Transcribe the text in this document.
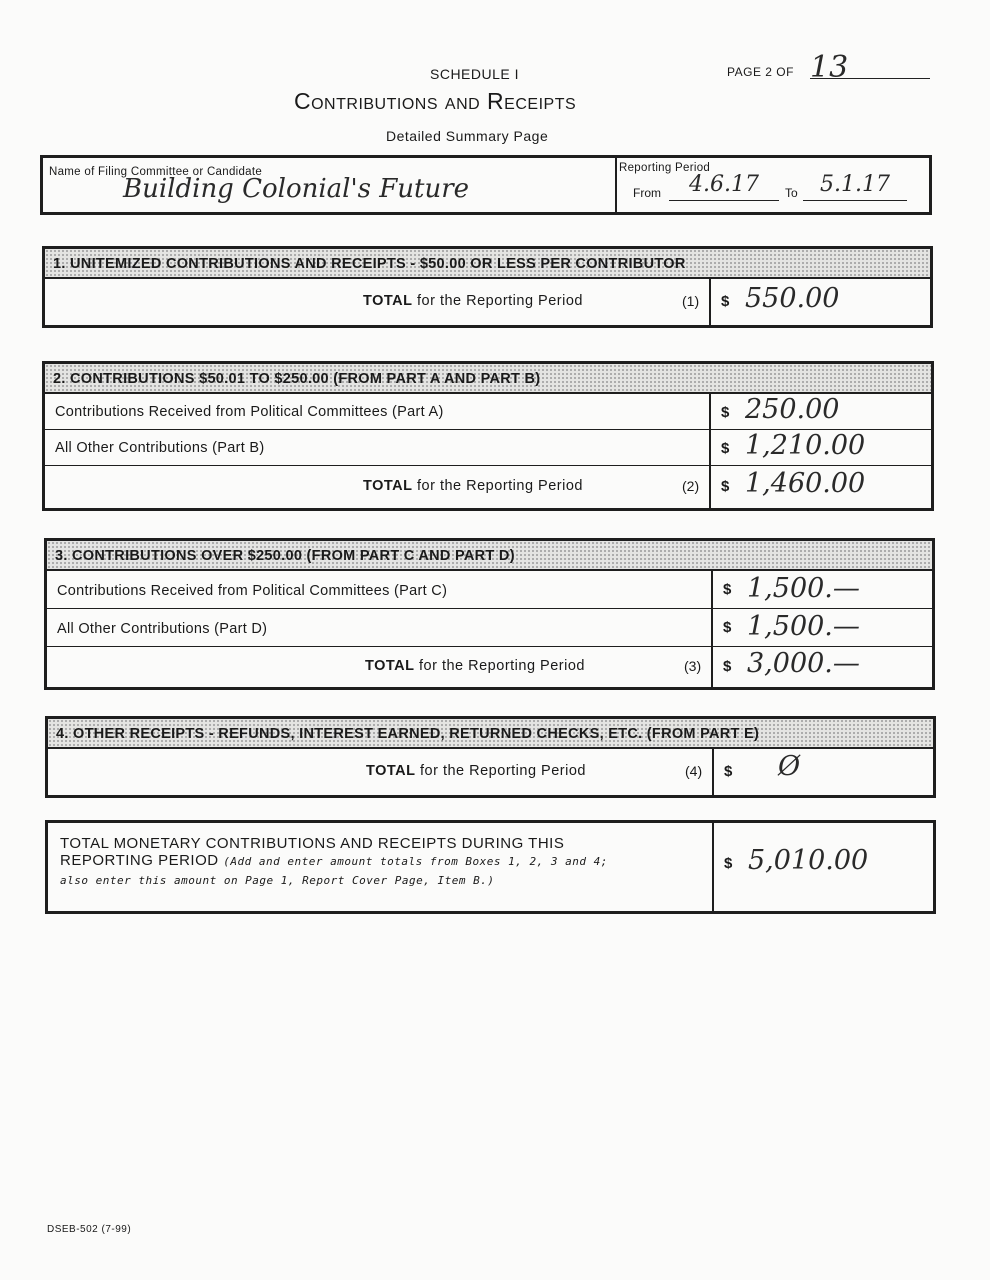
SCHEDULE I	PAGE 2 OF 13
Contributions and Receipts
Detailed Summary Page
Name of Filing Committee or Candidate
Building Colonial's Future
Reporting Period
From	4.6.17	To	5.1.17
1. UNITEMIZED CONTRIBUTIONS AND RECEIPTS - $50.00 OR LESS PER CONTRIBUTOR
TOTAL for the Reporting Period	(1) $ 550.00
2. CONTRIBUTIONS $50.01 TO $250.00 (FROM PART A AND PART B)
Contributions Received from Political Committees (Part A)	$ 250.00
All Other Contributions (Part B)	$ 1,210.00
TOTAL for the Reporting Period	(2) $ 1,460.00
3. CONTRIBUTIONS OVER $250.00 (FROM PART C AND PART D)
Contributions Received from Political Committees (Part C)	$ 1,500.—
All Other Contributions (Part D)	$ 1,500.—
TOTAL for the Reporting Period	(3) $ 3,000.—
4. OTHER RECEIPTS - REFUNDS, INTEREST EARNED, RETURNED CHECKS, ETC. (FROM PART E)
TOTAL for the Reporting Period	(4) $ Ø
TOTAL MONETARY CONTRIBUTIONS AND RECEIPTS DURING THIS REPORTING PERIOD (Add and enter amount totals from Boxes 1, 2, 3 and 4; also enter this amount on Page 1, Report Cover Page, Item B.)
$ 5,010.00
DSEB-502 (7-99)
